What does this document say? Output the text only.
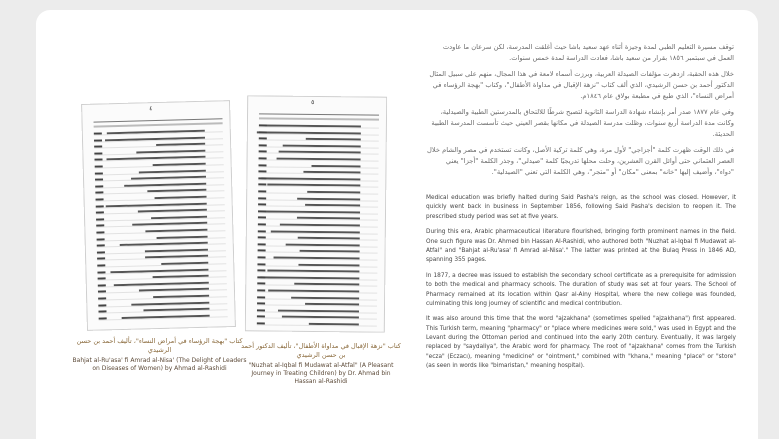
٤
٥
كتاب "بهجة الرؤساء في أمراض النساء"، تأليف أحمد بن حسن الرشيدي
Bahjat al-Ru'asa' fi Amrad al-Nisa' (The Delight of Leaders on Diseases of Women) by Ahmad al-Rashidi
كتاب "نزهة الإقبال في مداواة الأطفال"، تأليف الدكتور أحمد بن حسن الرشيدي
"Nuzhat al-Iqbal fi Mudawat al-Atfal" (A Pleasant Journey in Treating Children) by Dr. Ahmad bin Hassan al-Rashidi

توقف مسيرة التعليم الطبي لمدة وجيزة أثناء عهد سعيد باشا حيث أغلقت المدرسة، لكن سرعان ما عاودت العمل في سبتمبر ١٨٥٦ بقرار من سعيد باشا، فعادت الدراسة لمدة خمس سنوات.

خلال هذه الحقبة، ازدهرت مؤلفات الصيدلة العربية، وبرزت أسماء لامعة في هذا المجال، منهم على سبيل المثال الدكتور أحمد بن حسن الرشيدي، الذي ألف كتاب "نزهة الإقبال في مداواة الأطفال"، وكتاب "بهجة الرؤساء في أمراض النساء"، الذي طبع في مطبعة بولاق عام ١٨٤٦م.

وفي عام ١٨٧٧ صدر أمر بإنشاء شهادة الدراسة الثانوية لتصبح شرطًا للالتحاق بالمدرستين الطبية والصيدلية، وكانت مدة الدراسة أربع سنوات، وظلت مدرسة الصيدلة في مكانها بقصر العيني حيث تأسست المدرسة الطبية الحديثة.

في ذلك الوقت ظهرت كلمة "أجزاجي" لأول مرة، وهي كلمة تركية الأصل، وكانت تستخدم في مصر والشام خلال العصر العثماني حتى أوائل القرن العشرين، وحلت محلها تدريجيًا كلمة "صيدلي"، وجذر الكلمة "أجزا" يعني "دواء"، وأضيف إليها "خانه" بمعنى "مكان" أو "متجر"، وهي الكلمة التي تعني "الصيدلية".

Medical education was briefly halted during Said Pasha's reign, as the school was closed. However, it quickly went back in business in September 1856, following Said Pasha's decision to reopen it. The prescribed study period was set at five years.

During this era, Arabic pharmaceutical literature flourished, bringing forth prominent names in the field. One such figure was Dr. Ahmed bin Hassan Al-Rashidi, who authored both "Nuzhat al-Iqbal fi Mudawat al-Atfal" and "Bahjat al-Ru'asa' fi Amrad al-Nisa'." The latter was printed at the Bulaq Press in 1846 AD, spanning 355 pages.

In 1877, a decree was issued to establish the secondary school certificate as a prerequisite for admission to both the medical and pharmacy schools. The duration of study was set at four years. The School of Pharmacy remained at its location within Qasr al-Ainy Hospital, where the new college was founded, culminating this long journey of scientific and medical contribution.

It was also around this time that the word "ajzakhana" (sometimes spelled "ajzakhana") first appeared. This Turkish term, meaning "pharmacy" or "place where medicines were sold," was used in Egypt and the Levant during the Ottoman period and continued into the early 20th century. Eventually, it was largely replaced by "saydaliya", the Arabic word for pharmacy. The root of "ajzakhana" comes from the Turkish "ecza" (Eczacı), meaning "medicine" or "ointment," combined with "khana," meaning "place" or "store" (as seen in words like "bimaristan," meaning hospital).
